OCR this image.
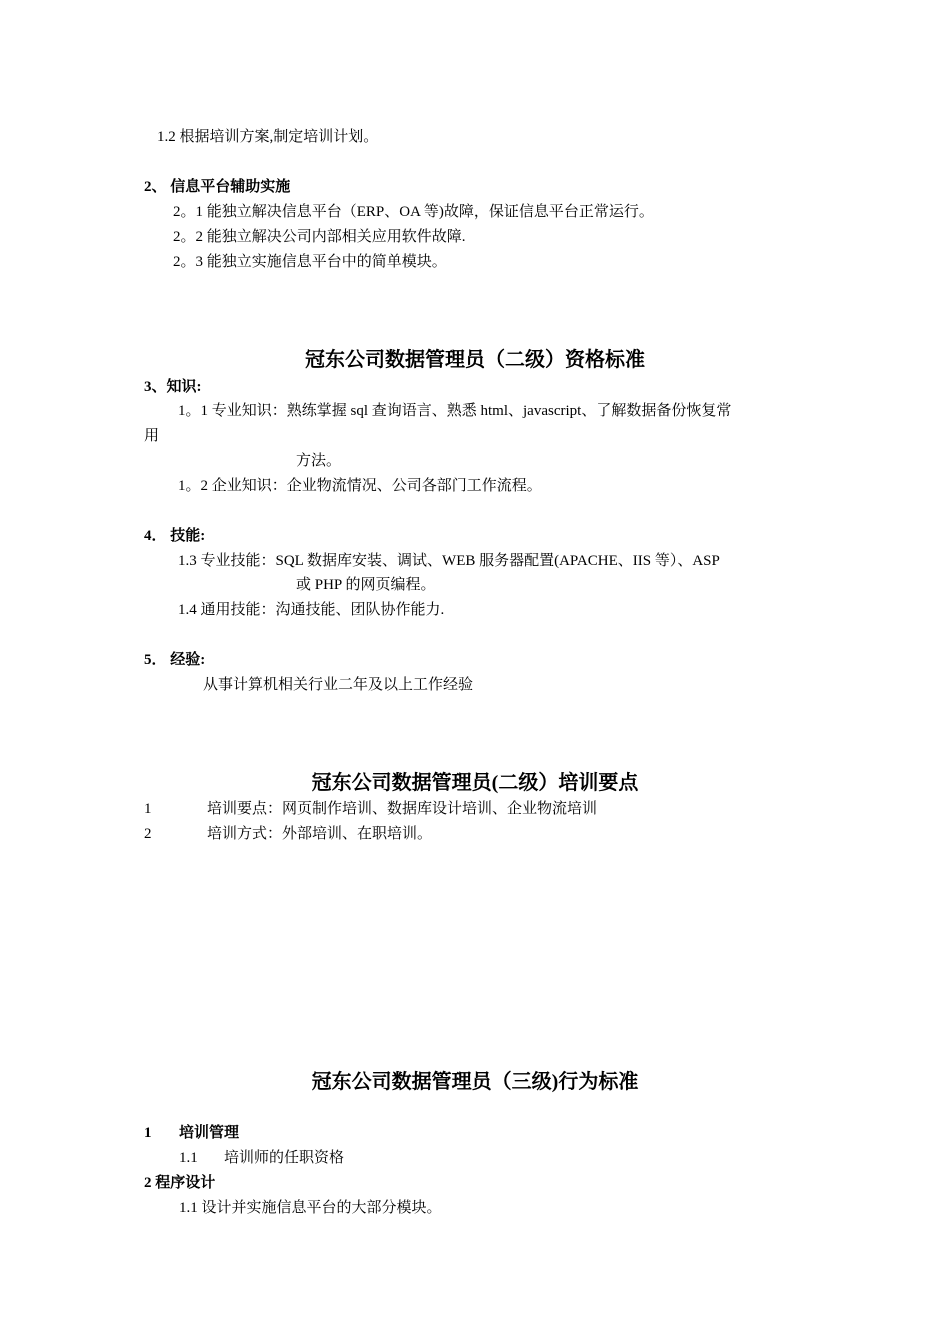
1.2 根据培训方案,制定培训计划。
2、 信息平台辅助实施
2。1 能独立解决信息平台（ERP、OA 等)故障，保证信息平台正常运行。
2。2 能独立解决公司内部相关应用软件故障.
2。3 能独立实施信息平台中的简单模块。
冠东公司数据管理员（二级）资格标准
3、知识:
1。1 专业知识：熟练掌握 sql 查询语言、熟悉 html、javascript、了解数据备份恢复常
用
方法。
1。2 企业知识：企业物流情况、公司各部门工作流程。
4． 技能:
1.3 专业技能：SQL 数据库安装、调试、WEB 服务器配置(APACHE、IIS 等）、ASP
或 PHP 的网页编程。
1.4 通用技能：沟通技能、团队协作能力.
5． 经验:
从事计算机相关行业二年及以上工作经验
冠东公司数据管理员(二级）培训要点
1	培训要点：网页制作培训、数据库设计培训、企业物流培训
2	培训方式：外部培训、在职培训。
冠东公司数据管理员（三级)行为标准
1 培训管理
1.1 培训师的任职资格
2 程序设计
1.1 设计并实施信息平台的大部分模块。
